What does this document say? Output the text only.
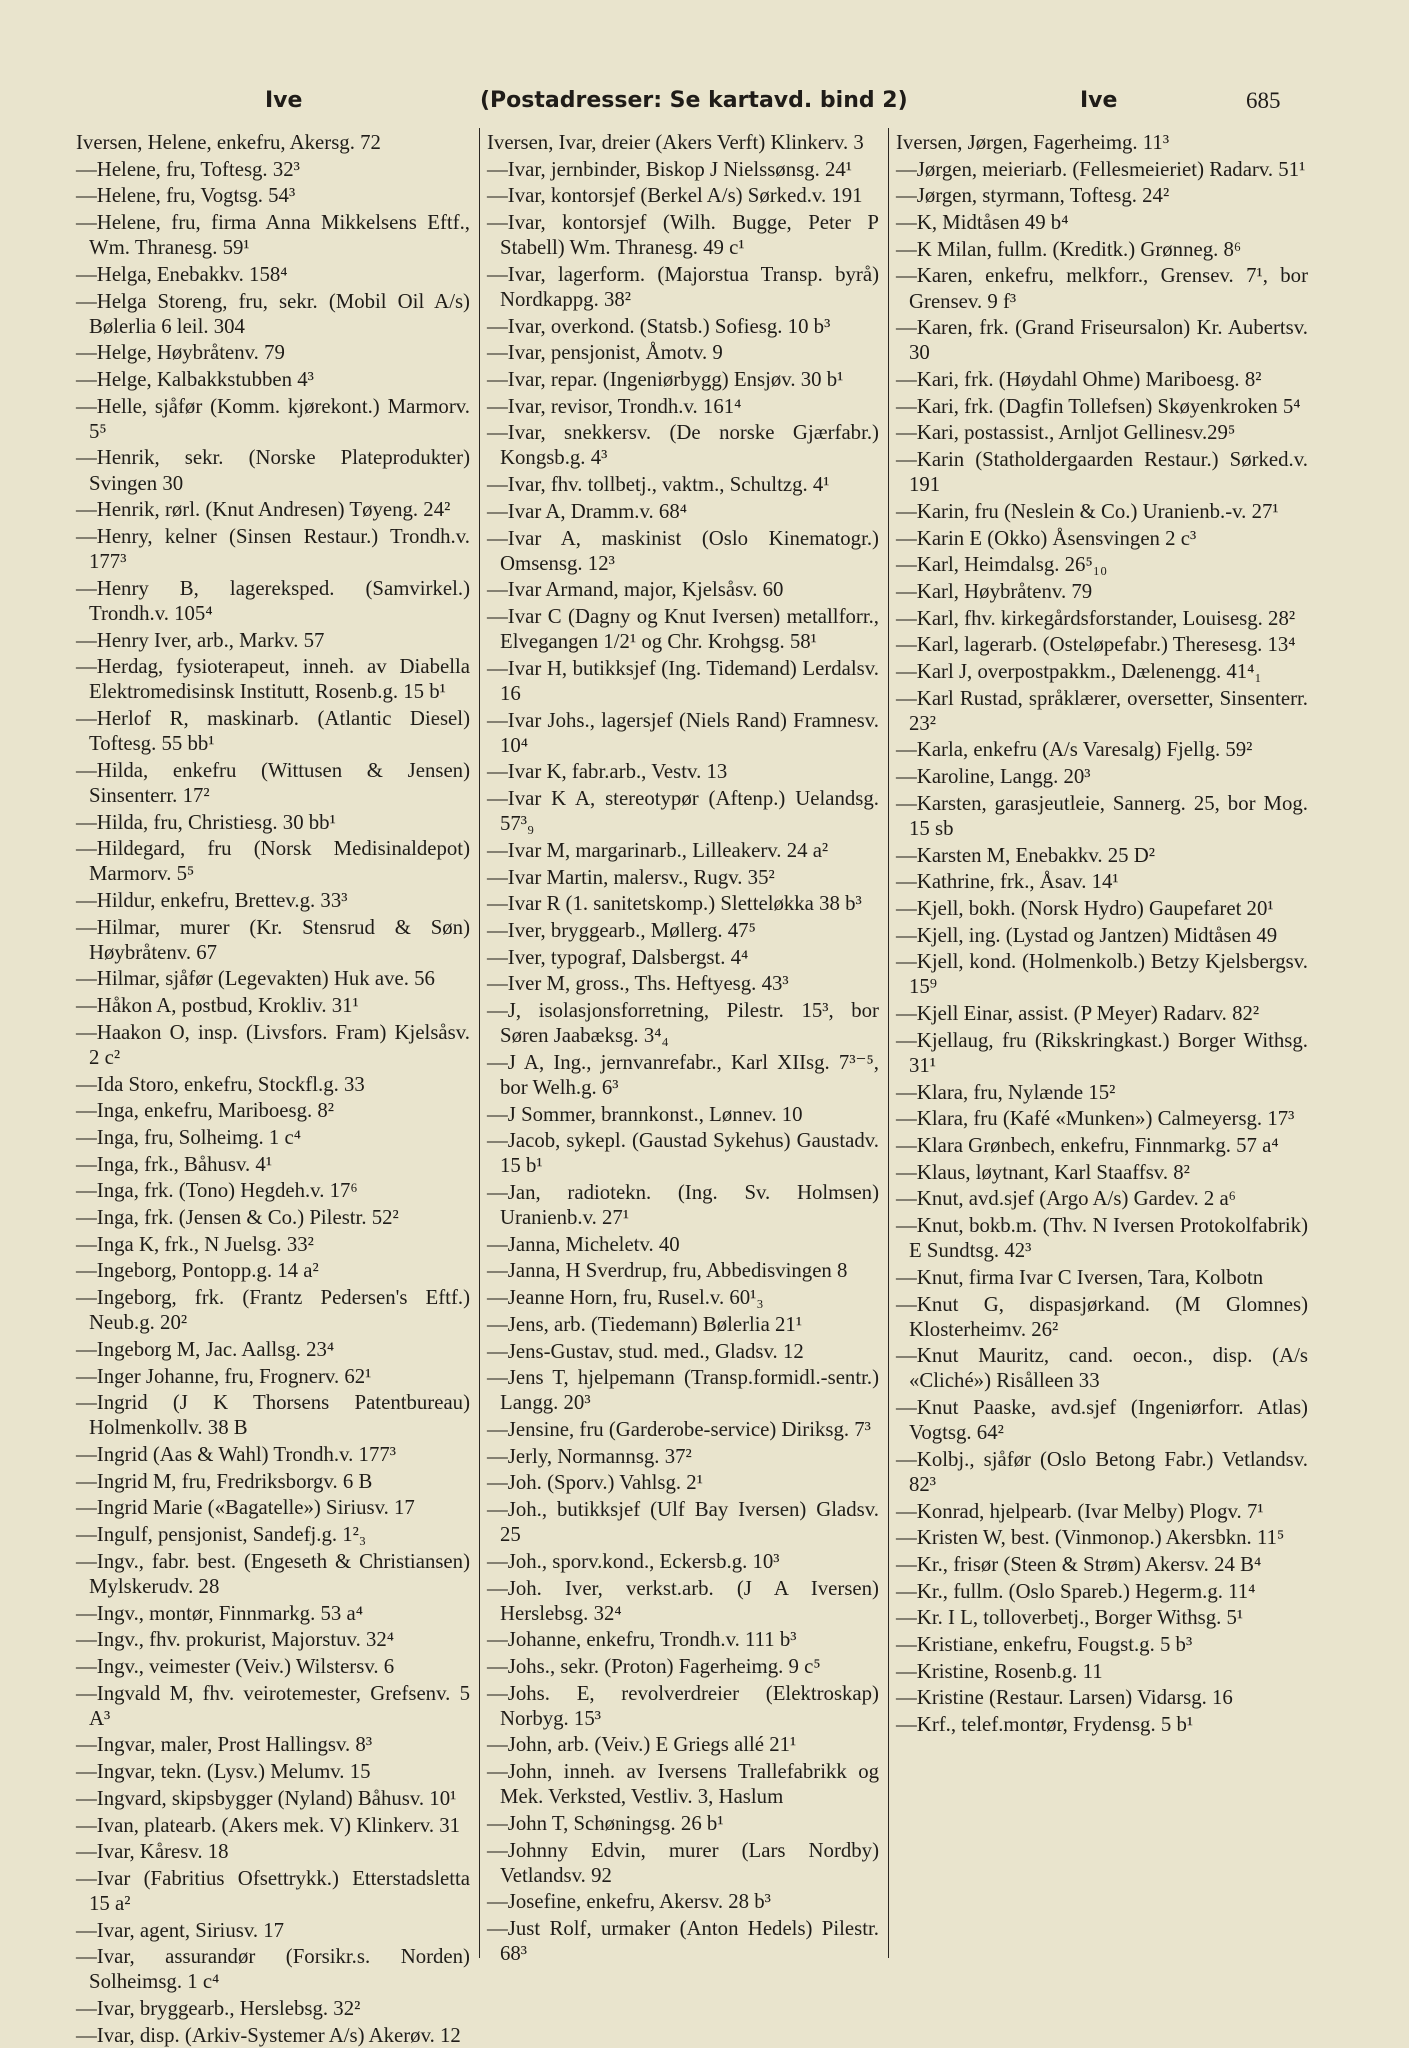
Ive	(Postadresser: Se kartavd. bind 2)	Ive	685
Iversen, Helene, enkefru, Akersg. 72
—Helene, fru, Toftesg. 32³
—Helene, fru, Vogtsg. 54³
—Helene, fru, firma Anna Mikkelsens Eftf., Wm. Thranesg. 59¹
—Helga, Enebakkv. 158⁴
—Helga Storeng, fru, sekr. (Mobil Oil A/s) Bølerlia 6 leil. 304
—Helge, Høybråtenv. 79
—Helge, Kalbakkstubben 4³
—Helle, sjåfør (Komm. kjørekont.) Marmorv. 5⁵
—Henrik, sekr. (Norske Plateprodukter) Svingen 30
—Henrik, rørl. (Knut Andresen) Tøyeng. 24²
—Henry, kelner (Sinsen Restaur.) Trondh.v. 177³
—Henry B, lagereksped. (Samvirkel.) Trondh.v. 105⁴
—Henry Iver, arb., Markv. 57
—Herdag, fysioterapeut, inneh. av Diabella Elektromedisinsk Institutt, Rosenb.g. 15 b¹
—Herlof R, maskinarb. (Atlantic Diesel) Toftesg. 55 bb¹
—Hilda, enkefru (Wittusen & Jensen) Sinsenterr. 17²
—Hilda, fru, Christiesg. 30 bb¹
—Hildegard, fru (Norsk Medisinaldepot) Marmorv. 5⁵
—Hildur, enkefru, Brettev.g. 33³
—Hilmar, murer (Kr. Stensrud & Søn) Høybråtenv. 67
—Hilmar, sjåfør (Legevakten) Huk ave. 56
—Håkon A, postbud, Krokliv. 31¹
—Haakon O, insp. (Livsfors. Fram) Kjelsåsv. 2 c²
—Ida Storo, enkefru, Stockfl.g. 33
—Inga, enkefru, Mariboesg. 8²
—Inga, fru, Solheimg. 1 c⁴
—Inga, frk., Båhusv. 4¹
—Inga, frk. (Tono) Hegdeh.v. 17⁶
—Inga, frk. (Jensen & Co.) Pilestr. 52²
—Inga K, frk., N Juelsg. 33²
—Ingeborg, Pontopp.g. 14 a²
—Ingeborg, frk. (Frantz Pedersen's Eftf.) Neub.g. 20²
—Ingeborg M, Jac. Aallsg. 23⁴
—Inger Johanne, fru, Frognerv. 62¹
—Ingrid (J K Thorsens Patentbureau) Holmenkollv. 38 B
—Ingrid (Aas & Wahl) Trondh.v. 177³
—Ingrid M, fru, Fredriksborgv. 6 B
—Ingrid Marie («Bagatelle») Siriusv. 17
—Ingulf, pensjonist, Sandefj.g. 1²₃
—Ingv., fabr. best. (Engeseth & Christiansen) Mylskerudv. 28
—Ingv., montør, Finnmarkg. 53 a⁴
—Ingv., fhv. prokurist, Majorstuv. 32⁴
—Ingv., veimester (Veiv.) Wilstersv. 6
—Ingvald M, fhv. veirotemester, Grefsenv. 5 A³
—Ingvar, maler, Prost Hallingsv. 8³
—Ingvar, tekn. (Lysv.) Melumv. 15
—Ingvard, skipsbygger (Nyland) Båhusv. 10¹
—Ivan, platearb. (Akers mek. V) Klinkerv. 31
—Ivar, Kåresv. 18
—Ivar (Fabritius Ofsettrykk.) Etterstadsletta 15 a²
—Ivar, agent, Siriusv. 17
—Ivar, assurandør (Forsikr.s. Norden) Solheimsg. 1 c⁴
—Ivar, bryggearb., Herslebsg. 32²
—Ivar, disp. (Arkiv-Systemer A/s) Akerøv. 12
Iversen, Ivar, dreier (Akers Verft) Klinkerv. 3
—Ivar, jernbinder, Biskop J Nielssønsg. 24¹
—Ivar, kontorsjef (Berkel A/s) Sørked.v. 191
—Ivar, kontorsjef (Wilh. Bugge, Peter P Stabell) Wm. Thranesg. 49 c¹
—Ivar, lagerform. (Majorstua Transp. byrå) Nordkappg. 38²
—Ivar, overkond. (Statsb.) Sofiesg. 10 b³
—Ivar, pensjonist, Åmotv. 9
—Ivar, repar. (Ingeniørbygg) Ensjøv. 30 b¹
—Ivar, revisor, Trondh.v. 161⁴
—Ivar, snekkersv. (De norske Gjærfabr.) Kongsb.g. 4³
—Ivar, fhv. tollbetj., vaktm., Schultzg. 4¹
—Ivar A, Dramm.v. 68⁴
—Ivar A, maskinist (Oslo Kinematogr.) Omsensg. 12³
—Ivar Armand, major, Kjelsåsv. 60
—Ivar C (Dagny og Knut Iversen) metallforr., Elvegangen 1/2¹ og Chr. Krohgsg. 58¹
—Ivar H, butikksjef (Ing. Tidemand) Lerdalsv. 16
—Ivar Johs., lagersjef (Niels Rand) Framnesv. 10⁴
—Ivar K, fabr.arb., Vestv. 13
—Ivar K A, stereotypør (Aftenp.) Uelandsg. 57³₉
—Ivar M, margarinarb., Lilleakerv. 24 a²
—Ivar Martin, malersv., Rugv. 35²
—Ivar R (1. sanitetskomp.) Sletteløkka 38 b³
—Iver, bryggearb., Møllerg. 47⁵
—Iver, typograf, Dalsbergst. 4⁴
—Iver M, gross., Ths. Heftyesg. 43³
—J, isolasjonsforretning, Pilestr. 15³, bor Søren Jaabæksg. 3⁴₄
—J A, Ing., jernvanrefabr., Karl XIIsg. 7³⁻⁵, bor Welh.g. 6³
—J Sommer, brannkonst., Lønnev. 10
—Jacob, sykepl. (Gaustad Sykehus) Gaustadv. 15 b¹
—Jan, radiotekn. (Ing. Sv. Holmsen) Uranienb.v. 27¹
—Janna, Micheletv. 40
—Janna, H Sverdrup, fru, Abbedisvingen 8
—Jeanne Horn, fru, Rusel.v. 60¹₃
—Jens, arb. (Tiedemann) Bølerlia 21¹
—Jens-Gustav, stud. med., Gladsv. 12
—Jens T, hjelpemann (Transp.formidl.-sentr.) Langg. 20³
—Jensine, fru (Garderobe-service) Diriksg. 7³
—Jerly, Normannsg. 37²
—Joh. (Sporv.) Vahlsg. 2¹
—Joh., butikksjef (Ulf Bay Iversen) Gladsv. 25
—Joh., sporv.kond., Eckersb.g. 10³
—Joh. Iver, verkst.arb. (J A Iversen) Herslebsg. 32⁴
—Johanne, enkefru, Trondh.v. 111 b³
—Johs., sekr. (Proton) Fagerheimg. 9 c⁵
—Johs. E, revolverdreier (Elektroskap) Norbyg. 15³
—John, arb. (Veiv.) E Griegs allé 21¹
—John, inneh. av Iversens Trallefabrikk og Mek. Verksted, Vestliv. 3, Haslum
—John T, Schøningsg. 26 b¹
—Johnny Edvin, murer (Lars Nordby) Vetlandsv. 92
—Josefine, enkefru, Akersv. 28 b³
—Just Rolf, urmaker (Anton Hedels) Pilestr. 68³
Iversen, Jørgen, Fagerheimg. 11³
—Jørgen, meieriarb. (Fellesmeieriet) Radarv. 51¹
—Jørgen, styrmann, Toftesg. 24²
—K, Midtåsen 49 b⁴
—K Milan, fullm. (Kreditk.) Grønneg. 8⁶
—Karen, enkefru, melkforr., Grensev. 7¹, bor Grensev. 9 f³
—Karen, frk. (Grand Friseursalon) Kr. Aubertsv. 30
—Kari, frk. (Høydahl Ohme) Mariboesg. 8²
—Kari, frk. (Dagfin Tollefsen) Skøyenkroken 5⁴
—Kari, postassist., Arnljot Gellinesv.29⁵
—Karin (Statholdergaarden Restaur.) Sørked.v. 191
—Karin, fru (Neslein & Co.) Uranienb.-v. 27¹
—Karin E (Okko) Åsensvingen 2 c³
—Karl, Heimdalsg. 26⁵₁₀
—Karl, Høybråtenv. 79
—Karl, fhv. kirkegårdsforstander, Louisesg. 28²
—Karl, lagerarb. (Osteløpefabr.) Theresesg. 13⁴
—Karl J, overpostpakkm., Dælenengg. 41⁴₁
—Karl Rustad, språklærer, oversetter, Sinsenterr. 23²
—Karla, enkefru (A/s Varesalg) Fjellg. 59²
—Karoline, Langg. 20³
—Karsten, garasjeutleie, Sannerg. 25, bor Mog. 15 sb
—Karsten M, Enebakkv. 25 D²
—Kathrine, frk., Åsav. 14¹
—Kjell, bokh. (Norsk Hydro) Gaupefaret 20¹
—Kjell, ing. (Lystad og Jantzen) Midtåsen 49
—Kjell, kond. (Holmenkolb.) Betzy Kjelsbergsv. 15⁹
—Kjell Einar, assist. (P Meyer) Radarv. 82²
—Kjellaug, fru (Rikskringkast.) Borger Withsg. 31¹
—Klara, fru, Nylænde 15²
—Klara, fru (Kafé «Munken») Calmeyersg. 17³
—Klara Grønbech, enkefru, Finnmarkg. 57 a⁴
—Klaus, løytnant, Karl Staaffsv. 8²
—Knut, avd.sjef (Argo A/s) Gardev. 2 a⁶
—Knut, bokb.m. (Thv. N Iversen Protokolfabrik) E Sundtsg. 42³
—Knut, firma Ivar C Iversen, Tara, Kolbotn
—Knut G, dispasjørkand. (M Glomnes) Klosterheimv. 26²
—Knut Mauritz, cand. oecon., disp. (A/s «Cliché») Risålleen 33
—Knut Paaske, avd.sjef (Ingeniørforr. Atlas) Vogtsg. 64²
—Kolbj., sjåfør (Oslo Betong Fabr.) Vetlandsv. 82³
—Konrad, hjelpearb. (Ivar Melby) Plogv. 7¹
—Kristen W, best. (Vinmonop.) Akersbkn. 11⁵
—Kr., frisør (Steen & Strøm) Akersv. 24 B⁴
—Kr., fullm. (Oslo Spareb.) Hegerm.g. 11⁴
—Kr. I L, tolloverbetj., Borger Withsg. 5¹
—Kristiane, enkefru, Fougst.g. 5 b³
—Kristine, Rosenb.g. 11
—Kristine (Restaur. Larsen) Vidarsg. 16
—Krf., telef.montør, Frydensg. 5 b¹
